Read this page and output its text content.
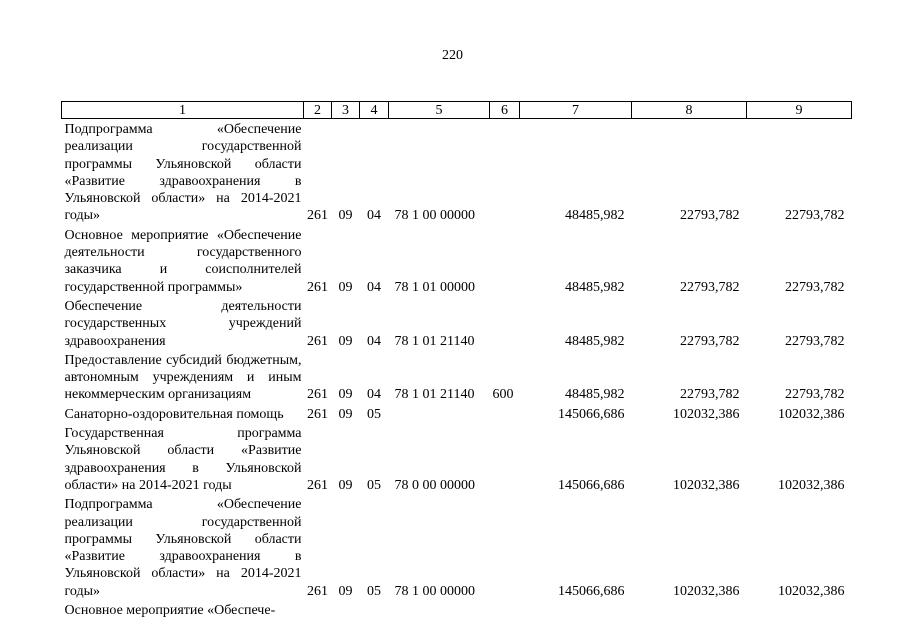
220
1	2	3	4	5	6	7	8	9
Подпрограмма «Обеспечение реализации государственной программы Ульяновской области «Развитие здравоохранения в Ульяновской области» на 2014-2021 годы»	261	09	04	78 1 00 00000		48485,982	22793,782	22793,782
Основное мероприятие «Обеспечение деятельности государственного заказчика и соисполнителей государственной программы»	261	09	04	78 1 01 00000		48485,982	22793,782	22793,782
Обеспечение деятельности государственных учреждений здравоохранения	261	09	04	78 1 01 21140		48485,982	22793,782	22793,782
Предоставление субсидий бюджетным, автономным учреждениям и иным некоммерческим организациям	261	09	04	78 1 01 21140	600	48485,982	22793,782	22793,782
Санаторно-оздоровительная помощь	261	09	05			145066,686	102032,386	102032,386
Государственная программа Ульяновской области «Развитие здравоохранения в Ульяновской области» на 2014-2021 годы	261	09	05	78 0 00 00000		145066,686	102032,386	102032,386
Подпрограмма «Обеспечение реализации государственной программы Ульяновской области «Развитие здравоохранения в Ульяновской области» на 2014-2021 годы»	261	09	05	78 1 00 00000		145066,686	102032,386	102032,386
Основное мероприятие «Обеспече-								
